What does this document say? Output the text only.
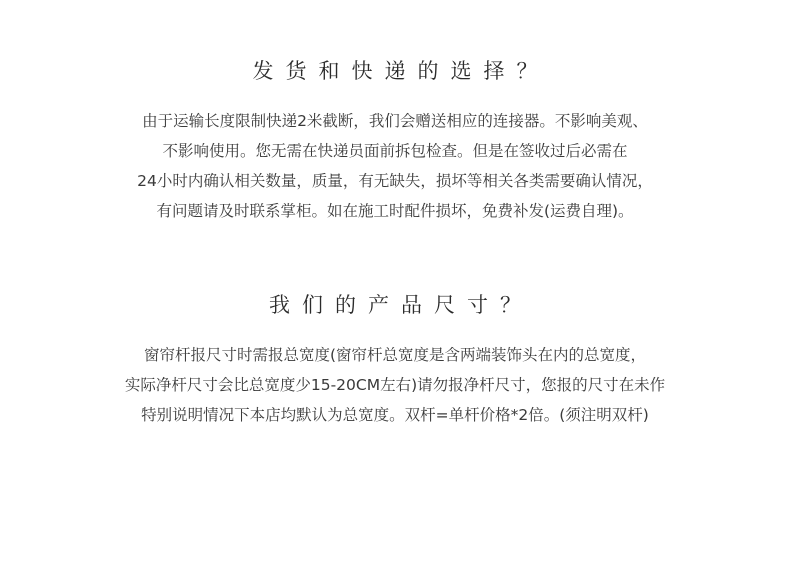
发货和快递的选择？
由于运输长度限制快递2米截断，我们会赠送相应的连接器。不影响美观、
不影响使用。您无需在快递员面前拆包检查。但是在签收过后必需在
24小时内确认相关数量，质量，有无缺失，损坏等相关各类需要确认情况，
有问题请及时联系掌柜。如在施工时配件损坏，免费补发(运费自理)。
我们的产品尺寸？
窗帘杆报尺寸时需报总宽度(窗帘杆总宽度是含两端装饰头在内的总宽度，
实际净杆尺寸会比总宽度少15-20CM左右)请勿报净杆尺寸，您报的尺寸在未作
特别说明情况下本店均默认为总宽度。双杆=单杆价格*2倍。(须注明双杆)
